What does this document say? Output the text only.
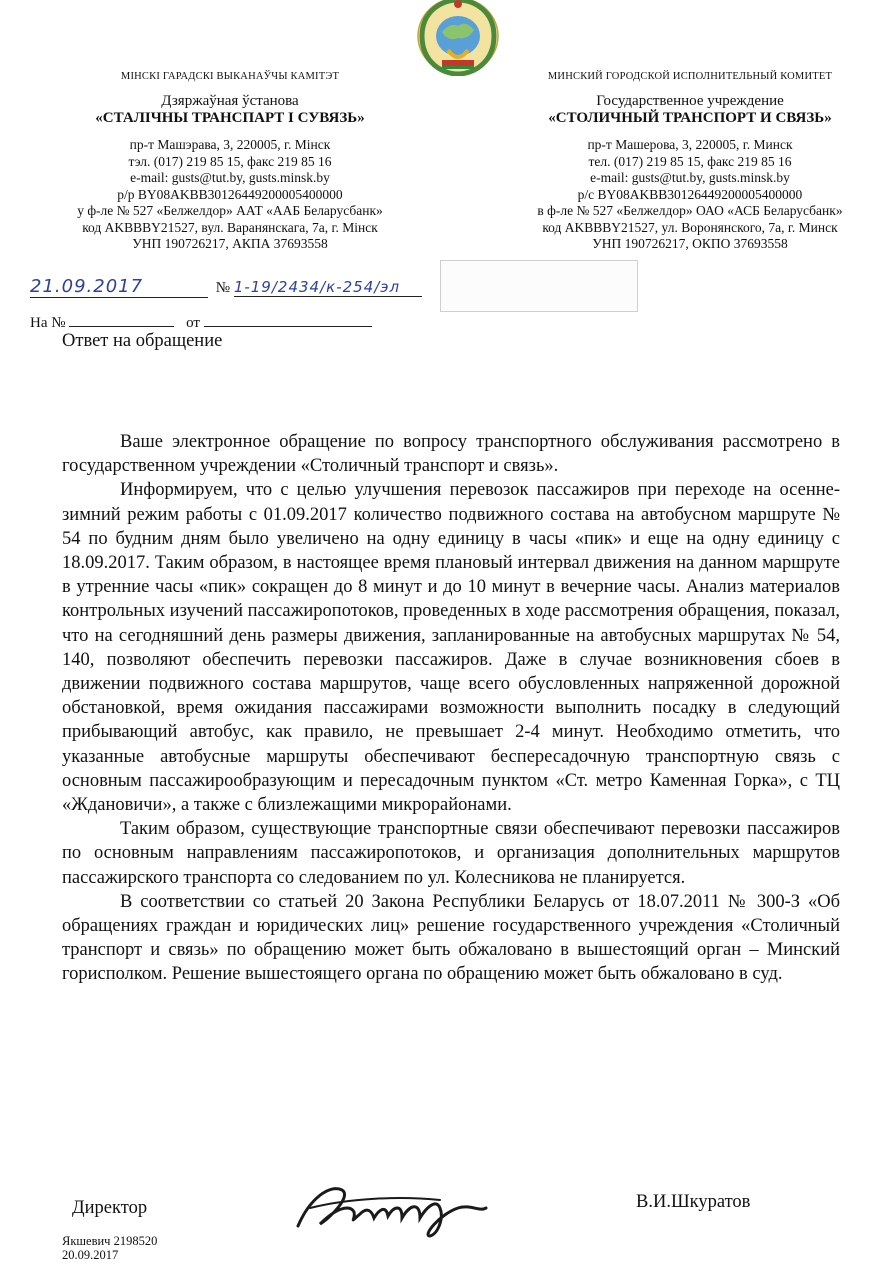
МІНСКІ ГАРАДСКІ ВЫКАНАЎЧЫ КАМІТЭТ
Дзяржаўная ўстанова
«СТАЛІЧНЫ ТРАНСПАРТ І СУВЯЗЬ»
пр-т Машэрава, 3, 220005, г. Мінск
тэл. (017) 219 85 15, факс 219 85 16
e-mail: gusts@tut.by, gusts.minsk.by
р/р BY08AKBB30126449200005400000
у ф-ле № 527 «Белжелдор» ААТ «ААБ Беларусбанк»
код AKBBBY21527, вул. Варанянскага, 7а, г. Мінск
УНП 190726217, АКПА 37693558
МИНСКИЙ ГОРОДСКОЙ ИСПОЛНИТЕЛЬНЫЙ КОМИТЕТ
Государственное учреждение
«СТОЛИЧНЫЙ ТРАНСПОРТ И СВЯЗЬ»
пр-т Машерова, 3, 220005, г. Минск
тел. (017) 219 85 15, факс 219 85 16
e-mail: gusts@tut.by, gusts.minsk.by
р/с BY08AKBB30126449200005400000
в ф-ле № 527 «Белжелдор» ОАО «АСБ Беларусбанк»
код AKBBBY21527, ул. Воронянского, 7а, г. Минск
УНП 190726217, ОКПО 37693558
21.09.2017	№ 1-19/2434/к-254/эл
На №	от
Ответ на обращение

Ваше электронное обращение по вопросу транспортного обслуживания рассмотрено в государственном учреждении «Столичный транспорт и связь».

Информируем, что с целью улучшения перевозок пассажиров при переходе на осенне-зимний режим работы с 01.09.2017 количество подвижного состава на автобусном маршруте № 54 по будним дням было увеличено на одну единицу в часы «пик» и еще на одну единицу с 18.09.2017. Таким образом, в настоящее время плановый интервал движения на данном маршруте в утренние часы «пик» сокращен до 8 минут и до 10 минут в вечерние часы. Анализ материалов контрольных изучений пассажиропотоков, проведенных в ходе рассмотрения обращения, показал, что на сегодняшний день размеры движения, запланированные на автобусных маршрутах № 54, 140, позволяют обеспечить перевозки пассажиров. Даже в случае возникновения сбоев в движении подвижного состава маршрутов, чаще всего обусловленных напряженной дорожной обстановкой, время ожидания пассажирами возможности выполнить посадку в следующий прибывающий автобус, как правило, не превышает 2-4 минут. Необходимо отметить, что указанные автобусные маршруты обеспечивают беспересадочную транспортную связь с основным пассажирообразующим и пересадочным пунктом «Ст. метро Каменная Горка», с ТЦ «Ждановичи», а также с близлежащими микрорайонами.

Таким образом, существующие транспортные связи обеспечивают перевозки пассажиров по основным направлениям пассажиропотоков, и организация дополнительных маршрутов пассажирского транспорта со следованием по ул. Колесникова не планируется.

В соответствии со статьей 20 Закона Республики Беларусь от 18.07.2011 № 300-З «Об обращениях граждан и юридических лиц» решение государственного учреждения «Столичный транспорт и связь» по обращению может быть обжаловано в вышестоящий орган – Минский горисполком. Решение вышестоящего органа по обращению может быть обжаловано в суд.

Директор	В.И.Шкуратов
Якшевич 2198520
20.09.2017
